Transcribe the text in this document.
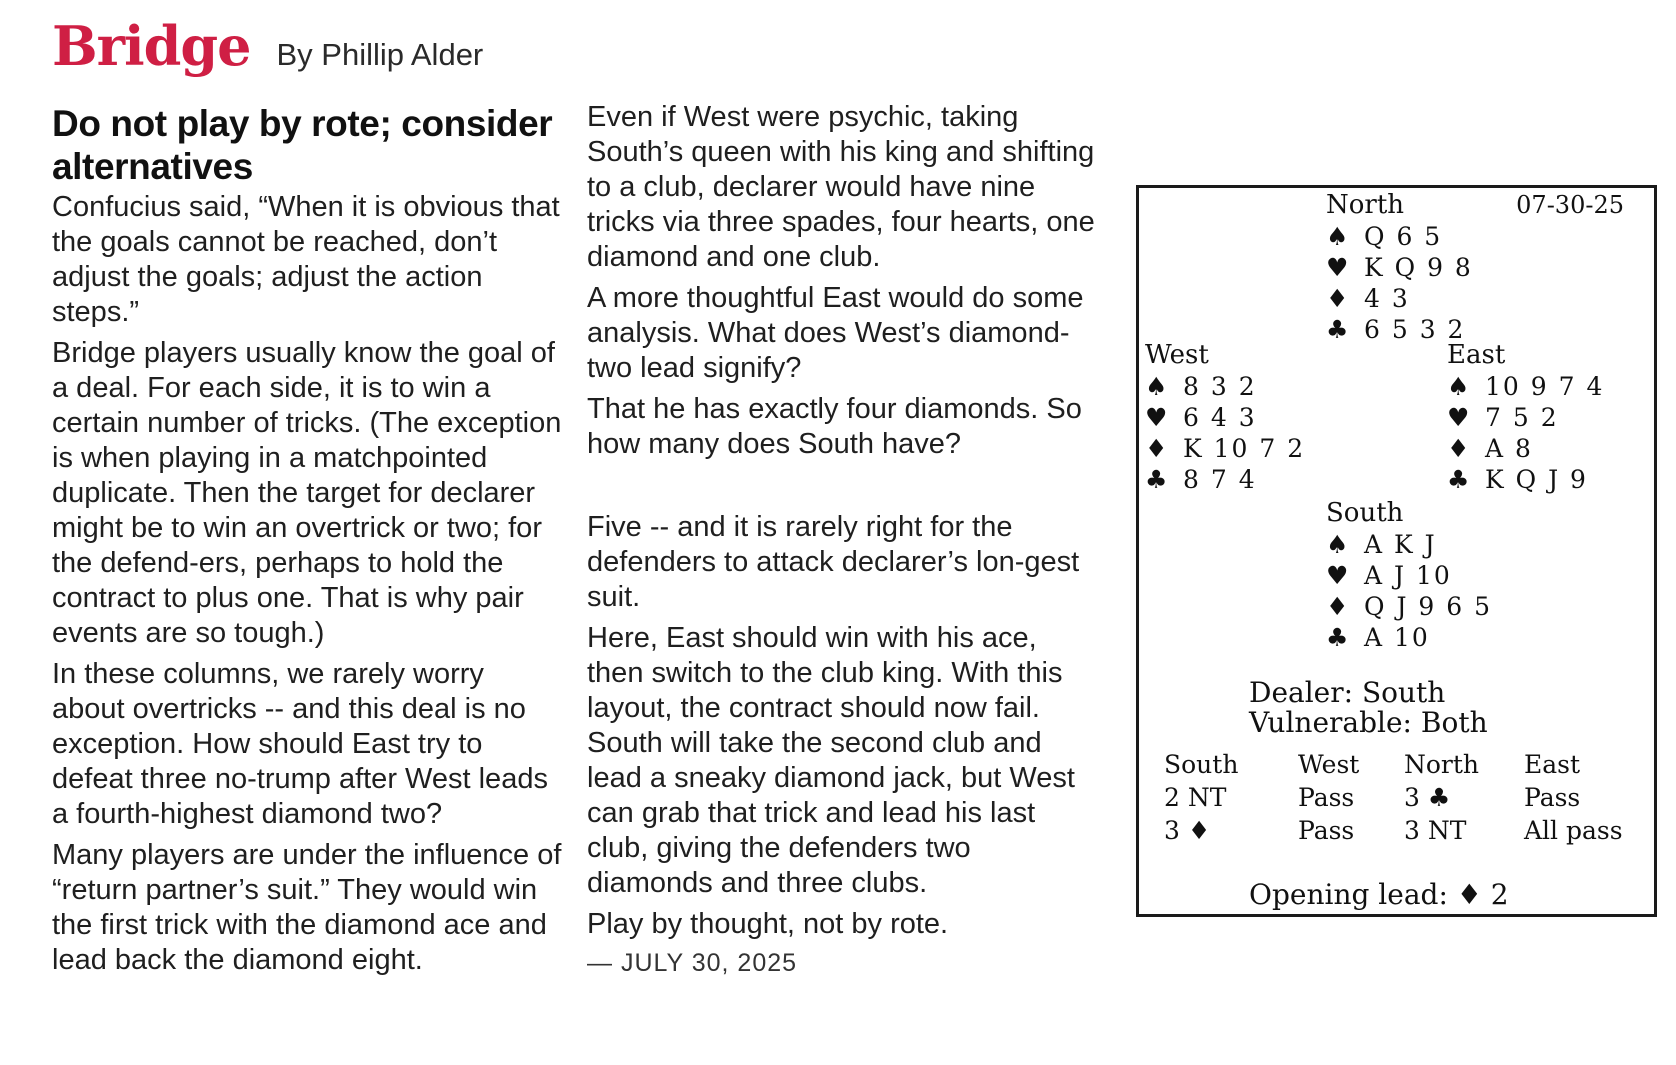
Bridge By Phillip Alder
Do not play by rote; consider alternatives

Confucius said, “When it is obvious that the goals cannot be reached, don’t adjust the goals; adjust the action steps.”

Bridge players usually know the goal of a deal. For each side, it is to win a certain number of tricks. (The exception is when playing in a matchpointed duplicate. Then the target for declarer might be to win an overtrick or two; for the defend-ers, perhaps to hold the contract to plus one. That is why pair events are so tough.)

In these columns, we rarely worry about overtricks -- and this deal is no exception. How should East try to defeat three no-trump after West leads a fourth-highest diamond two?

Many players are under the influence of “return partner’s suit.” They would win the first trick with the diamond ace and lead back the diamond eight.

Even if West were psychic, taking South’s queen with his king and shifting to a club, declarer would have nine tricks via three spades, four hearts, one diamond and one club.

A more thoughtful East would do some analysis. What does West’s diamond-two lead signify?

That he has exactly four diamonds. So how many does South have?

Five -- and it is rarely right for the defenders to attack declarer’s lon-gest suit.

Here, East should win with his ace, then switch to the club king. With this layout, the contract should now fail. South will take the second club and lead a sneaky diamond jack, but West can grab that trick and lead his last club, giving the defenders two diamonds and three clubs.

Play by thought, not by rote.

— JULY 30, 2025
07-30-25
North
♠ Q 6 5
♥ K Q 9 8
♦ 4 3
♣ 6 5 3 2
West
♠ 8 3 2
♥ 6 4 3
♦ K 10 7 2
♣ 8 7 4
East
♠ 10 9 7 4
♥ 7 5 2
♦ A 8
♣ K Q J 9
South
♠ A K J
♥ A J 10
♦ Q J 9 6 5
♣ A 10
Dealer: South
Vulnerable: Both
South	West	North	East
2 NT	Pass	3 ♣	Pass
3 ♦	Pass	3 NT	All pass
Opening lead: ♦ 2
